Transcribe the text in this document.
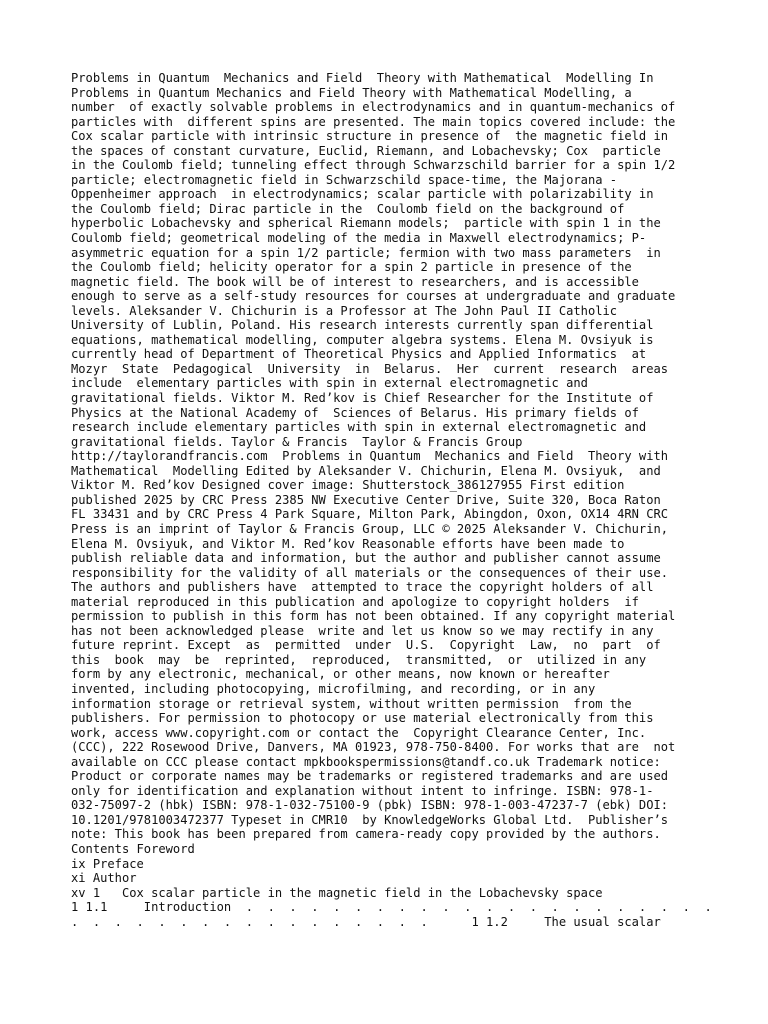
Problems in Quantum  Mechanics and Field  Theory with Mathematical  Modelling In
Problems in Quantum Mechanics and Field Theory with Mathematical Modelling, a
number  of exactly solvable problems in electrodynamics and in quantum-mechanics of
particles with  different spins are presented. The main topics covered include: the
Cox scalar particle with intrinsic structure in presence of  the magnetic field in
the spaces of constant curvature, Euclid, Riemann, and Lobachevsky; Cox  particle
in the Coulomb field; tunneling effect through Schwarzschild barrier for a spin 1/2
particle; electromagnetic field in Schwarzschild space-time, the Majorana -
Oppenheimer approach  in electrodynamics; scalar particle with polarizability in
the Coulomb field; Dirac particle in the  Coulomb field on the background of
hyperbolic Lobachevsky and spherical Riemann models;  particle with spin 1 in the
Coulomb field; geometrical modeling of the media in Maxwell electrodynamics; P-
asymmetric equation for a spin 1/2 particle; fermion with two mass parameters  in
the Coulomb field; helicity operator for a spin 2 particle in presence of the
magnetic field. The book will be of interest to researchers, and is accessible
enough to serve as a self-study resources for courses at undergraduate and graduate
levels. Aleksander V. Chichurin is a Professor at The John Paul II Catholic
University of Lublin, Poland. His research interests currently span differential
equations, mathematical modelling, computer algebra systems. Elena M. Ovsiyuk is
currently head of Department of Theoretical Physics and Applied Informatics  at
Mozyr  State  Pedagogical  University  in  Belarus.  Her  current  research  areas
include  elementary particles with spin in external electromagnetic and
gravitational fields. Viktor M. Red’kov is Chief Researcher for the Institute of
Physics at the National Academy of  Sciences of Belarus. His primary fields of
research include elementary particles with spin in external electromagnetic and
gravitational fields. Taylor & Francis  Taylor & Francis Group
http://taylorandfrancis.com  Problems in Quantum  Mechanics and Field  Theory with
Mathematical  Modelling Edited by Aleksander V. Chichurin, Elena M. Ovsiyuk,  and
Viktor M. Red’kov Designed cover image: Shutterstock_386127955 First edition
published 2025 by CRC Press 2385 NW Executive Center Drive, Suite 320, Boca Raton
FL 33431 and by CRC Press 4 Park Square, Milton Park, Abingdon, Oxon, OX14 4RN CRC
Press is an imprint of Taylor & Francis Group, LLC © 2025 Aleksander V. Chichurin,
Elena M. Ovsiyuk, and Viktor M. Red’kov Reasonable efforts have been made to
publish reliable data and information, but the author and publisher cannot assume
responsibility for the validity of all materials or the consequences of their use.
The authors and publishers have  attempted to trace the copyright holders of all
material reproduced in this publication and apologize to copyright holders  if
permission to publish in this form has not been obtained. If any copyright material
has not been acknowledged please  write and let us know so we may rectify in any
future reprint. Except  as  permitted  under  U.S.  Copyright  Law,  no  part  of
this  book  may  be  reprinted,  reproduced,  transmitted,  or  utilized in any
form by any electronic, mechanical, or other means, now known or hereafter
invented, including photocopying, microfilming, and recording, or in any
information storage or retrieval system, without written permission  from the
publishers. For permission to photocopy or use material electronically from this
work, access www.copyright.com or contact the  Copyright Clearance Center, Inc.
(CCC), 222 Rosewood Drive, Danvers, MA 01923, 978-750-8400. For works that are  not
available on CCC please contact mpkbookspermissions@tandf.co.uk Trademark notice:
Product or corporate names may be trademarks or registered trademarks and are used
only for identification and explanation without intent to infringe. ISBN: 978-1-
032-75097-2 (hbk) ISBN: 978-1-032-75100-9 (pbk) ISBN: 978-1-003-47237-7 (ebk) DOI:
10.1201/9781003472377 Typeset in CMR10  by KnowledgeWorks Global Ltd.  Publisher’s
note: This book has been prepared from camera-ready copy provided by the authors.
Contents Foreword
ix Preface
xi Author
xv 1   Cox scalar particle in the magnetic field in the Lobachevsky space
1 1.1     Introduction  .  .  .  .  .  .  .  .  .  .  .  .  .  .  .  .  .  .  .  .  .  .
.  .  .  .  .  .  .  .  .  .  .  .  .  .  .  .  .      1 1.2     The usual scalar
